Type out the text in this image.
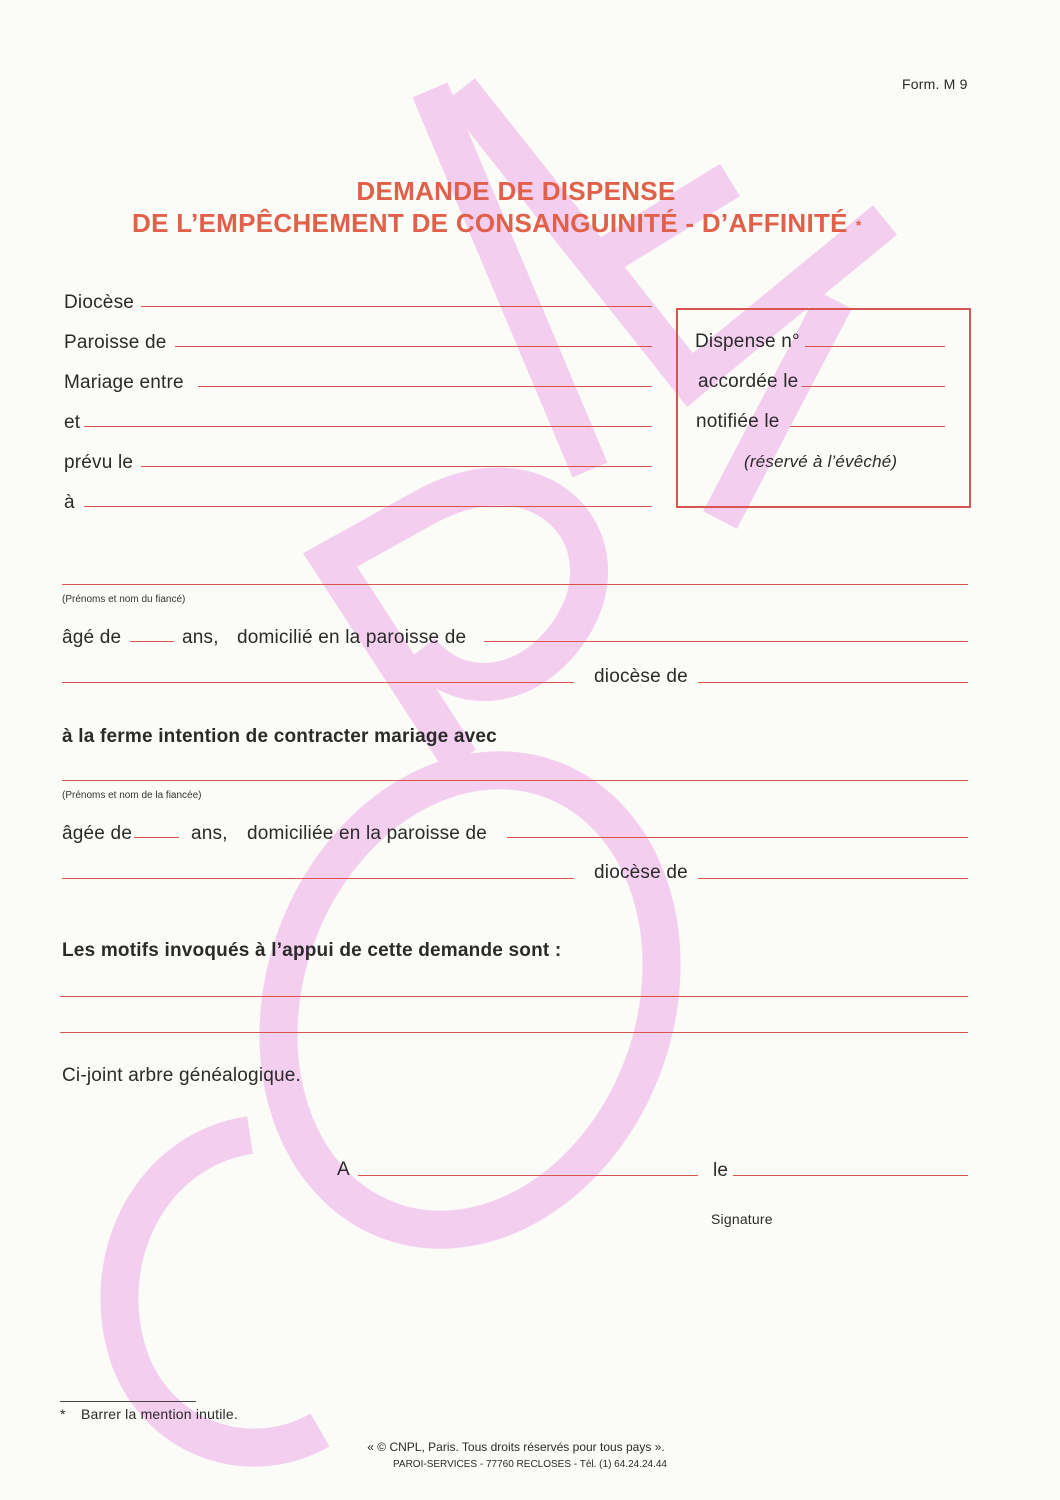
Form. M 9
DEMANDE DE DISPENSE
DE L’EMPÊCHEMENT DE CONSANGUINITÉ - D’AFFINITÉ *
Diocèse
Paroisse de
Mariage entre
et
prévu le
à
Dispense n°
accordée le
notifiée le
(réservé à l’évêché)
(Prénoms et nom du fiancé)
âgé de	ans, domicilié en la paroisse de
diocèse de
à la ferme intention de contracter mariage avec
(Prénoms et nom de la fiancée)
âgée de	ans, domiciliée en la paroisse de
diocèse de
Les motifs invoqués à l’appui de cette demande sont :
Ci-joint arbre généalogique.
A	le
Signature
* Barrer la mention inutile.
« © CNPL, Paris. Tous droits réservés pour tous pays ».
PAROI-SERVICES - 77760 RECLOSES - Tél. (1) 64.24.24.44
